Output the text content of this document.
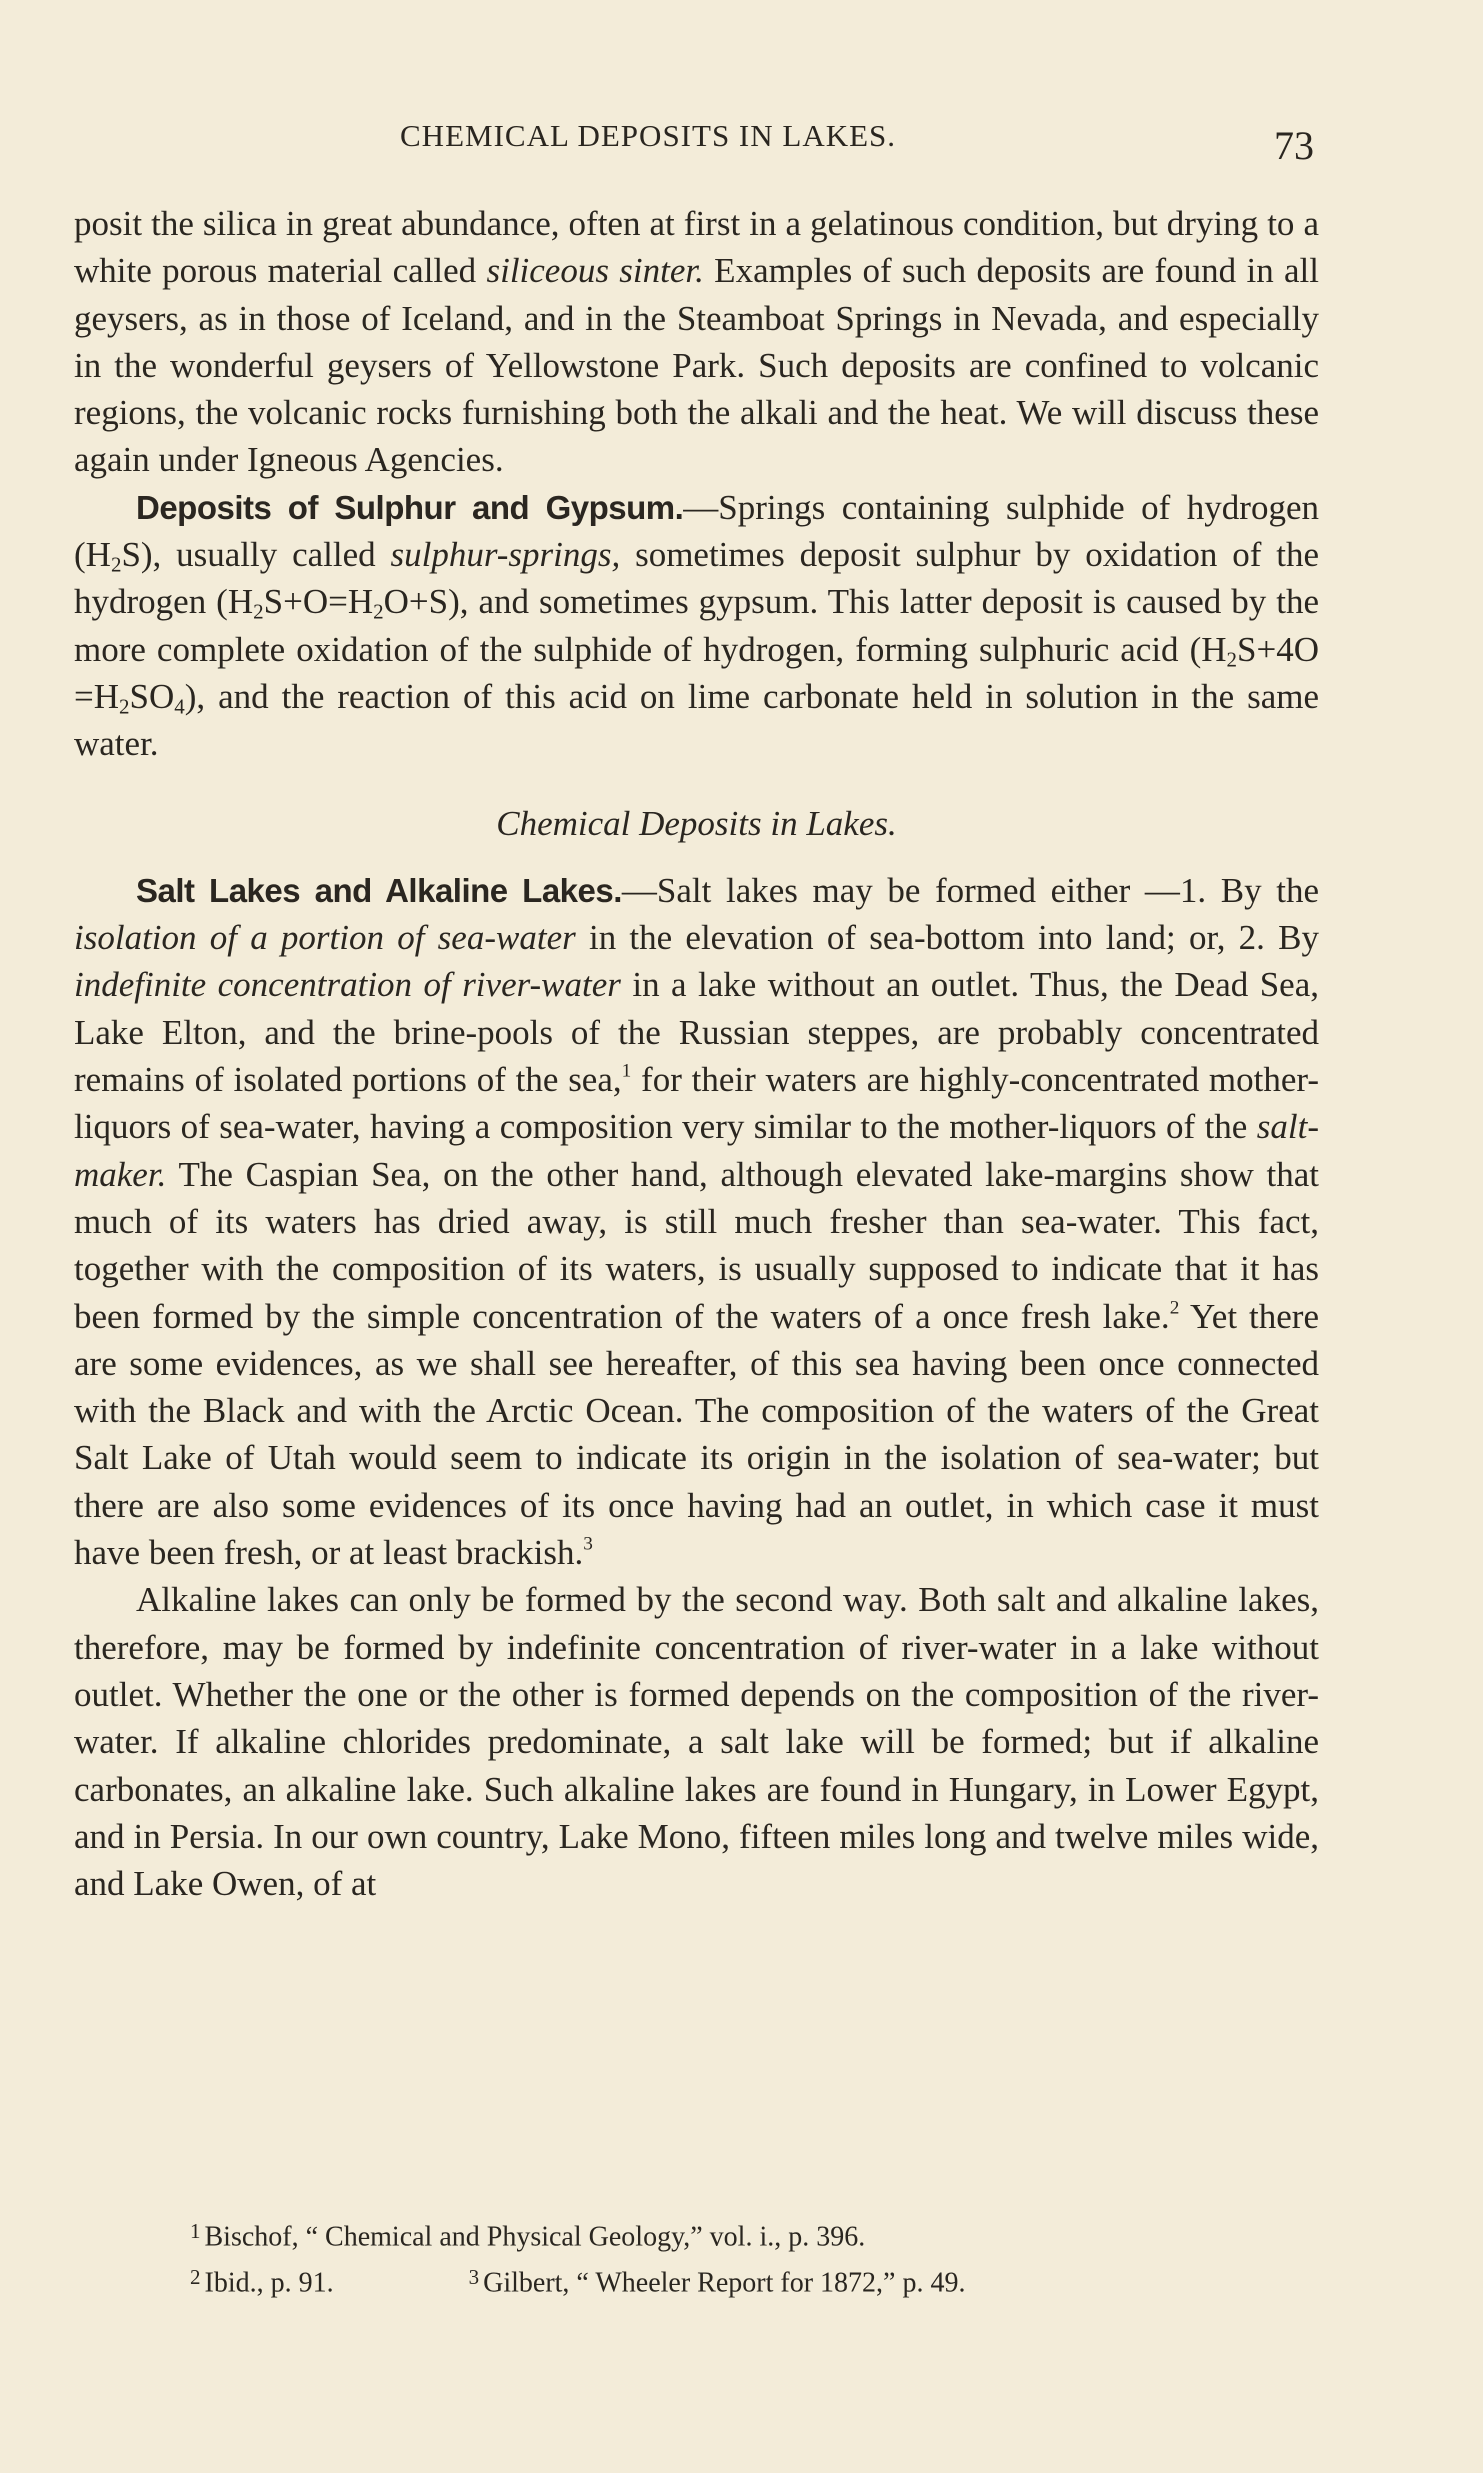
CHEMICAL DEPOSITS IN LAKES.	73

posit the silica in great abundance, often at first in a gelatinous condition, but drying to a white porous material called siliceous sinter. Examples of such deposits are found in all geysers, as in those of Iceland, and in the Steamboat Springs in Nevada, and especially in the wonderful geysers of Yellowstone Park. Such deposits are confined to volcanic regions, the volcanic rocks furnishing both the alkali and the heat. We will discuss these again under Igneous Agencies.

Deposits of Sulphur and Gypsum.—Springs containing sulphide of hydrogen $(H_2S)$, usually called sulphur-springs, sometimes deposit sulphur by oxidation of the hydrogen $(H_2S+O=H_2O+S)$, and sometimes gypsum. This latter deposit is caused by the more complete oxidation of the sulphide of hydrogen, forming sulphuric acid $(H_2S+4O =H_2SO_4)$, and the reaction of this acid on lime carbonate held in solution in the same water.

Chemical Deposits in Lakes.

Salt Lakes and Alkaline Lakes.—Salt lakes may be formed either —1. By the isolation of a portion of sea-water in the elevation of sea-bottom into land; or, 2. By indefinite concentration of river-water in a lake without an outlet. Thus, the Dead Sea, Lake Elton, and the brine-pools of the Russian steppes, are probably concentrated remains of isolated portions of the sea,$^1$ for their waters are highly-concentrated mother-liquors of sea-water, having a composition very similar to the mother-liquors of the salt-maker. The Caspian Sea, on the other hand, although elevated lake-margins show that much of its waters has dried away, is still much fresher than sea-water. This fact, together with the composition of its waters, is usually supposed to indicate that it has been formed by the simple concentration of the waters of a once fresh lake.$^2$ Yet there are some evidences, as we shall see hereafter, of this sea having been once connected with the Black and with the Arctic Ocean. The composition of the waters of the Great Salt Lake of Utah would seem to indicate its origin in the isolation of sea-water; but there are also some evidences of its once having had an outlet, in which case it must have been fresh, or at least brackish.$^3$

Alkaline lakes can only be formed by the second way. Both salt and alkaline lakes, therefore, may be formed by indefinite concentration of river-water in a lake without outlet. Whether the one or the other is formed depends on the composition of the river-water. If alkaline chlorides predominate, a salt lake will be formed; but if alkaline carbonates, an alkaline lake. Such alkaline lakes are found in Hungary, in Lower Egypt, and in Persia. In our own country, Lake Mono, fifteen miles long and twelve miles wide, and Lake Owen, of at

$^1$ Bischof, “ Chemical and Physical Geology,” vol. i., p. 396.

$^2$ Ibid., p. 91.	$^3$ Gilbert, “ Wheeler Report for 1872,” p. 49.
